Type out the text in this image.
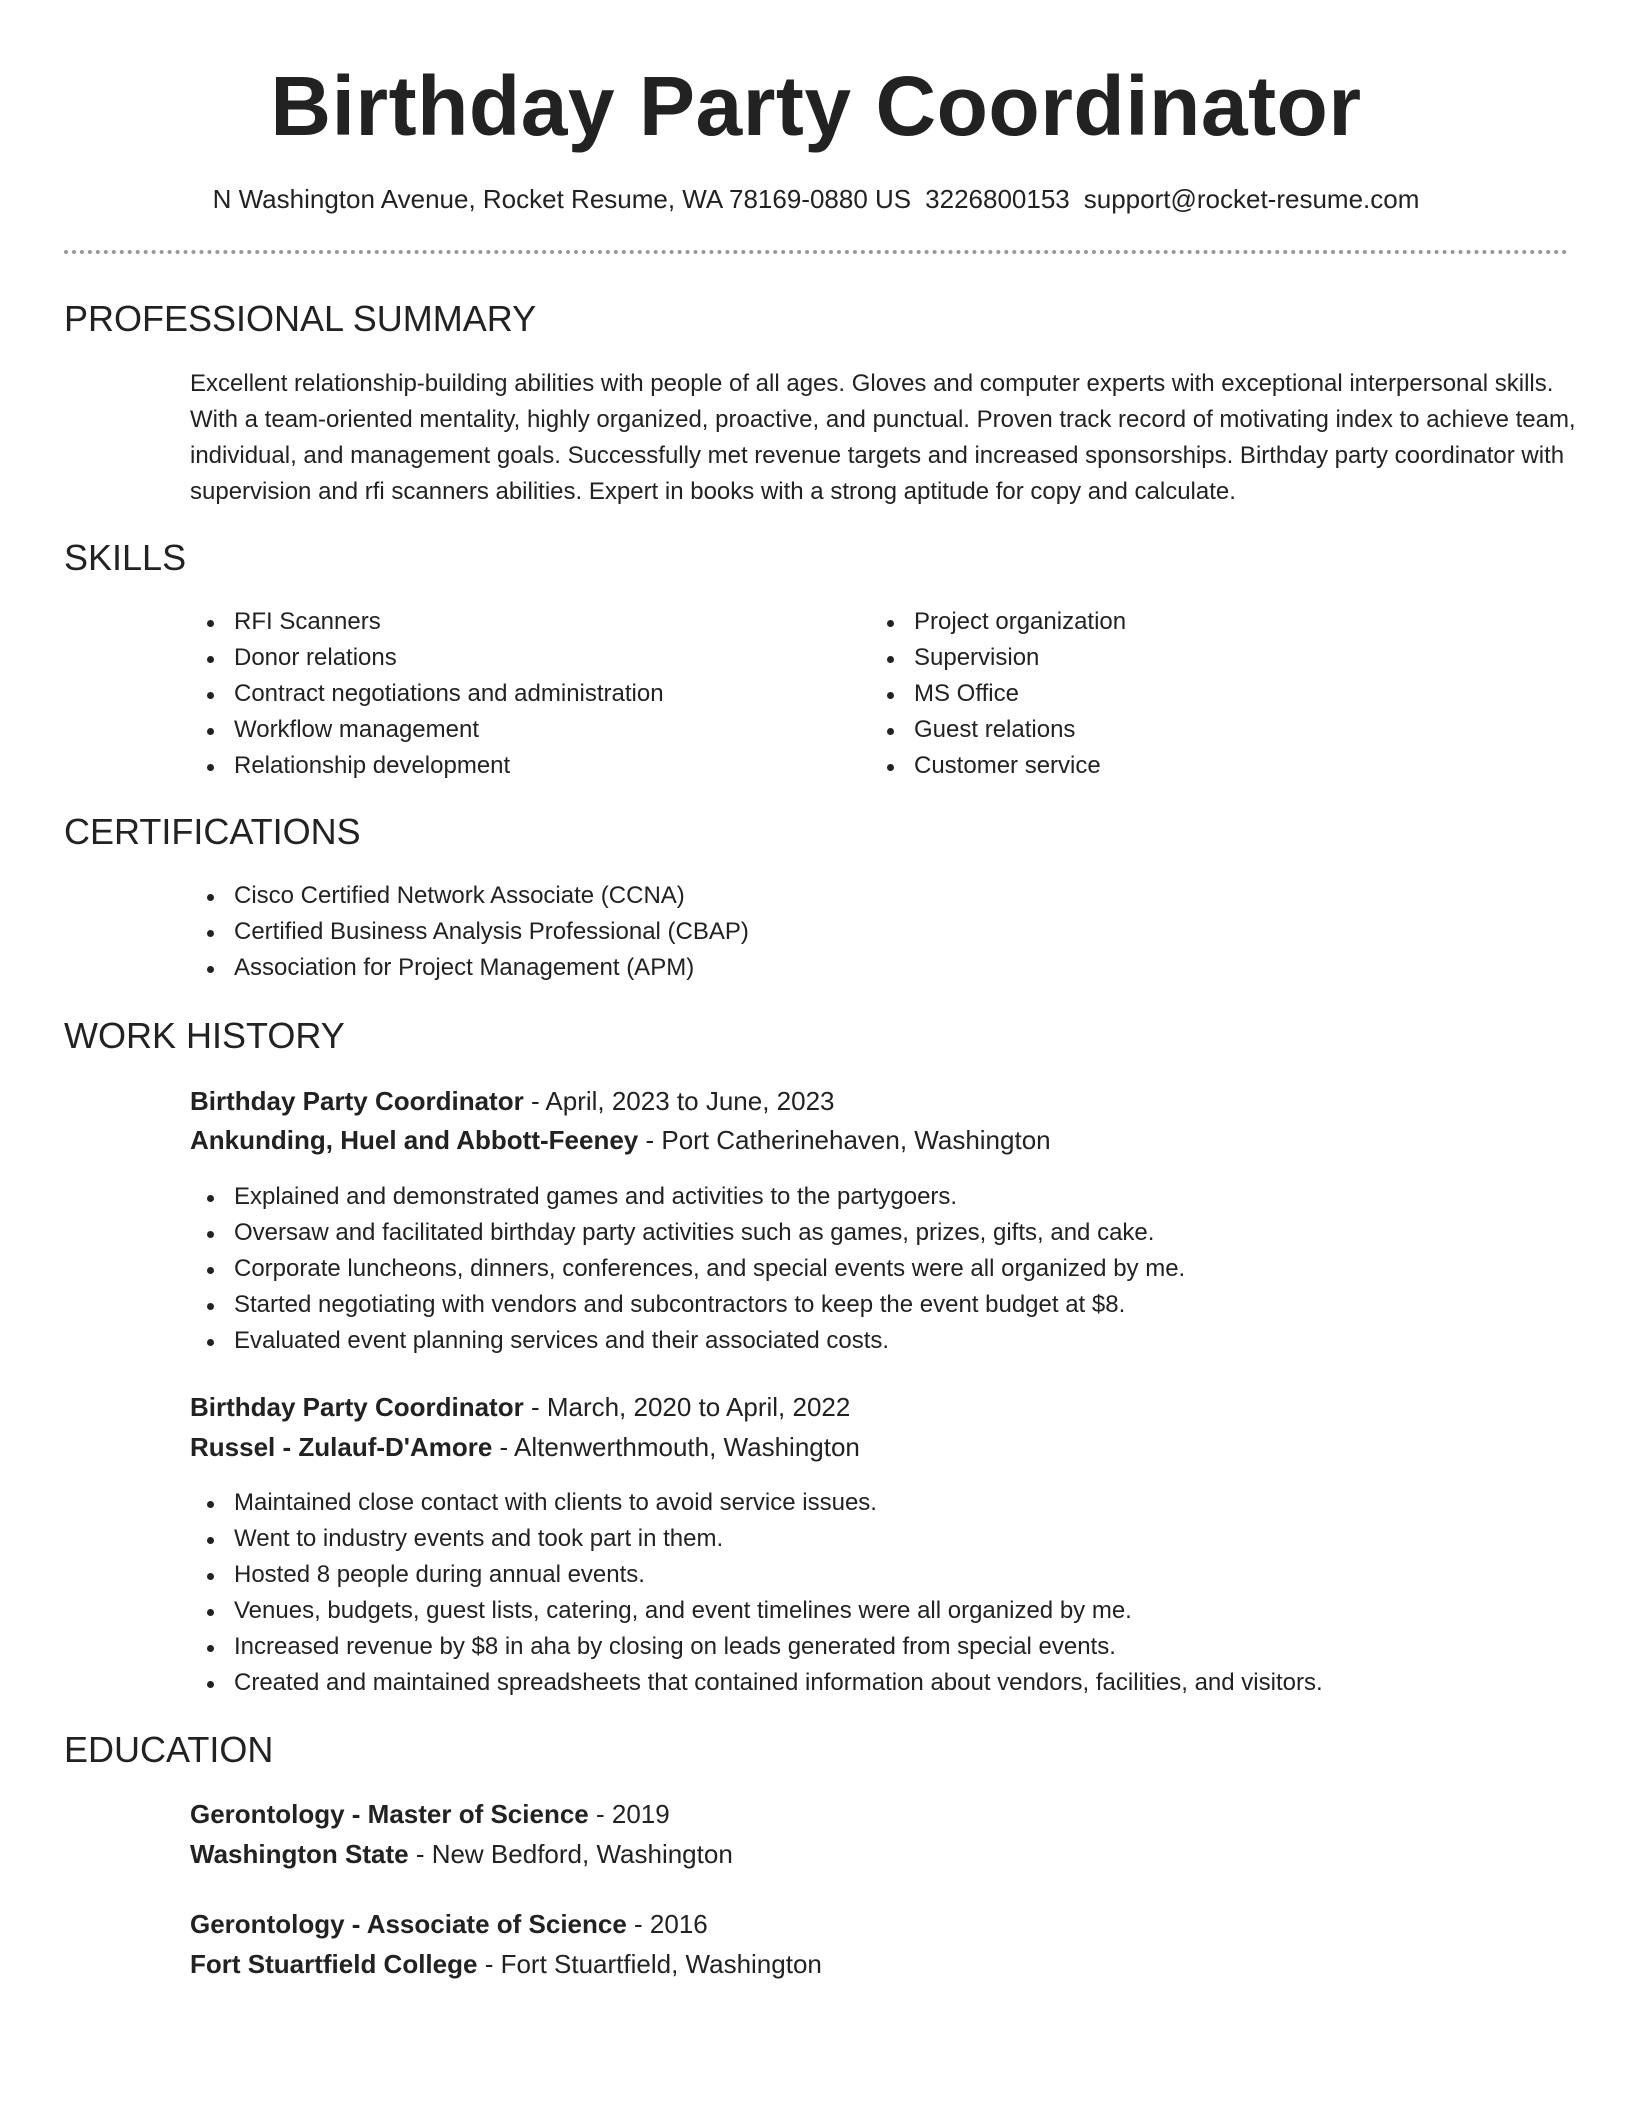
Birthday Party Coordinator
N Washington Avenue, Rocket Resume, WA 78169-0880 US 3226800153 support@rocket-resume.com
PROFESSIONAL SUMMARY
Excellent relationship-building abilities with people of all ages. Gloves and computer experts with exceptional interpersonal skills. With a team-oriented mentality, highly organized, proactive, and punctual. Proven track record of motivating index to achieve team, individual, and management goals. Successfully met revenue targets and increased sponsorships. Birthday party coordinator with supervision and rfi scanners abilities. Expert in books with a strong aptitude for copy and calculate.
SKILLS
RFI Scanners
Donor relations
Contract negotiations and administration
Workflow management
Relationship development
Project organization
Supervision
MS Office
Guest relations
Customer service
CERTIFICATIONS
Cisco Certified Network Associate (CCNA)
Certified Business Analysis Professional (CBAP)
Association for Project Management (APM)
WORK HISTORY
Birthday Party Coordinator - April, 2023 to June, 2023
Ankunding, Huel and Abbott-Feeney - Port Catherinehaven, Washington
Explained and demonstrated games and activities to the partygoers.
Oversaw and facilitated birthday party activities such as games, prizes, gifts, and cake.
Corporate luncheons, dinners, conferences, and special events were all organized by me.
Started negotiating with vendors and subcontractors to keep the event budget at $8.
Evaluated event planning services and their associated costs.
Birthday Party Coordinator - March, 2020 to April, 2022
Russel - Zulauf-D'Amore - Altenwerthmouth, Washington
Maintained close contact with clients to avoid service issues.
Went to industry events and took part in them.
Hosted 8 people during annual events.
Venues, budgets, guest lists, catering, and event timelines were all organized by me.
Increased revenue by $8 in aha by closing on leads generated from special events.
Created and maintained spreadsheets that contained information about vendors, facilities, and visitors.
EDUCATION
Gerontology - Master of Science - 2019
Washington State - New Bedford, Washington
Gerontology - Associate of Science - 2016
Fort Stuartfield College - Fort Stuartfield, Washington
